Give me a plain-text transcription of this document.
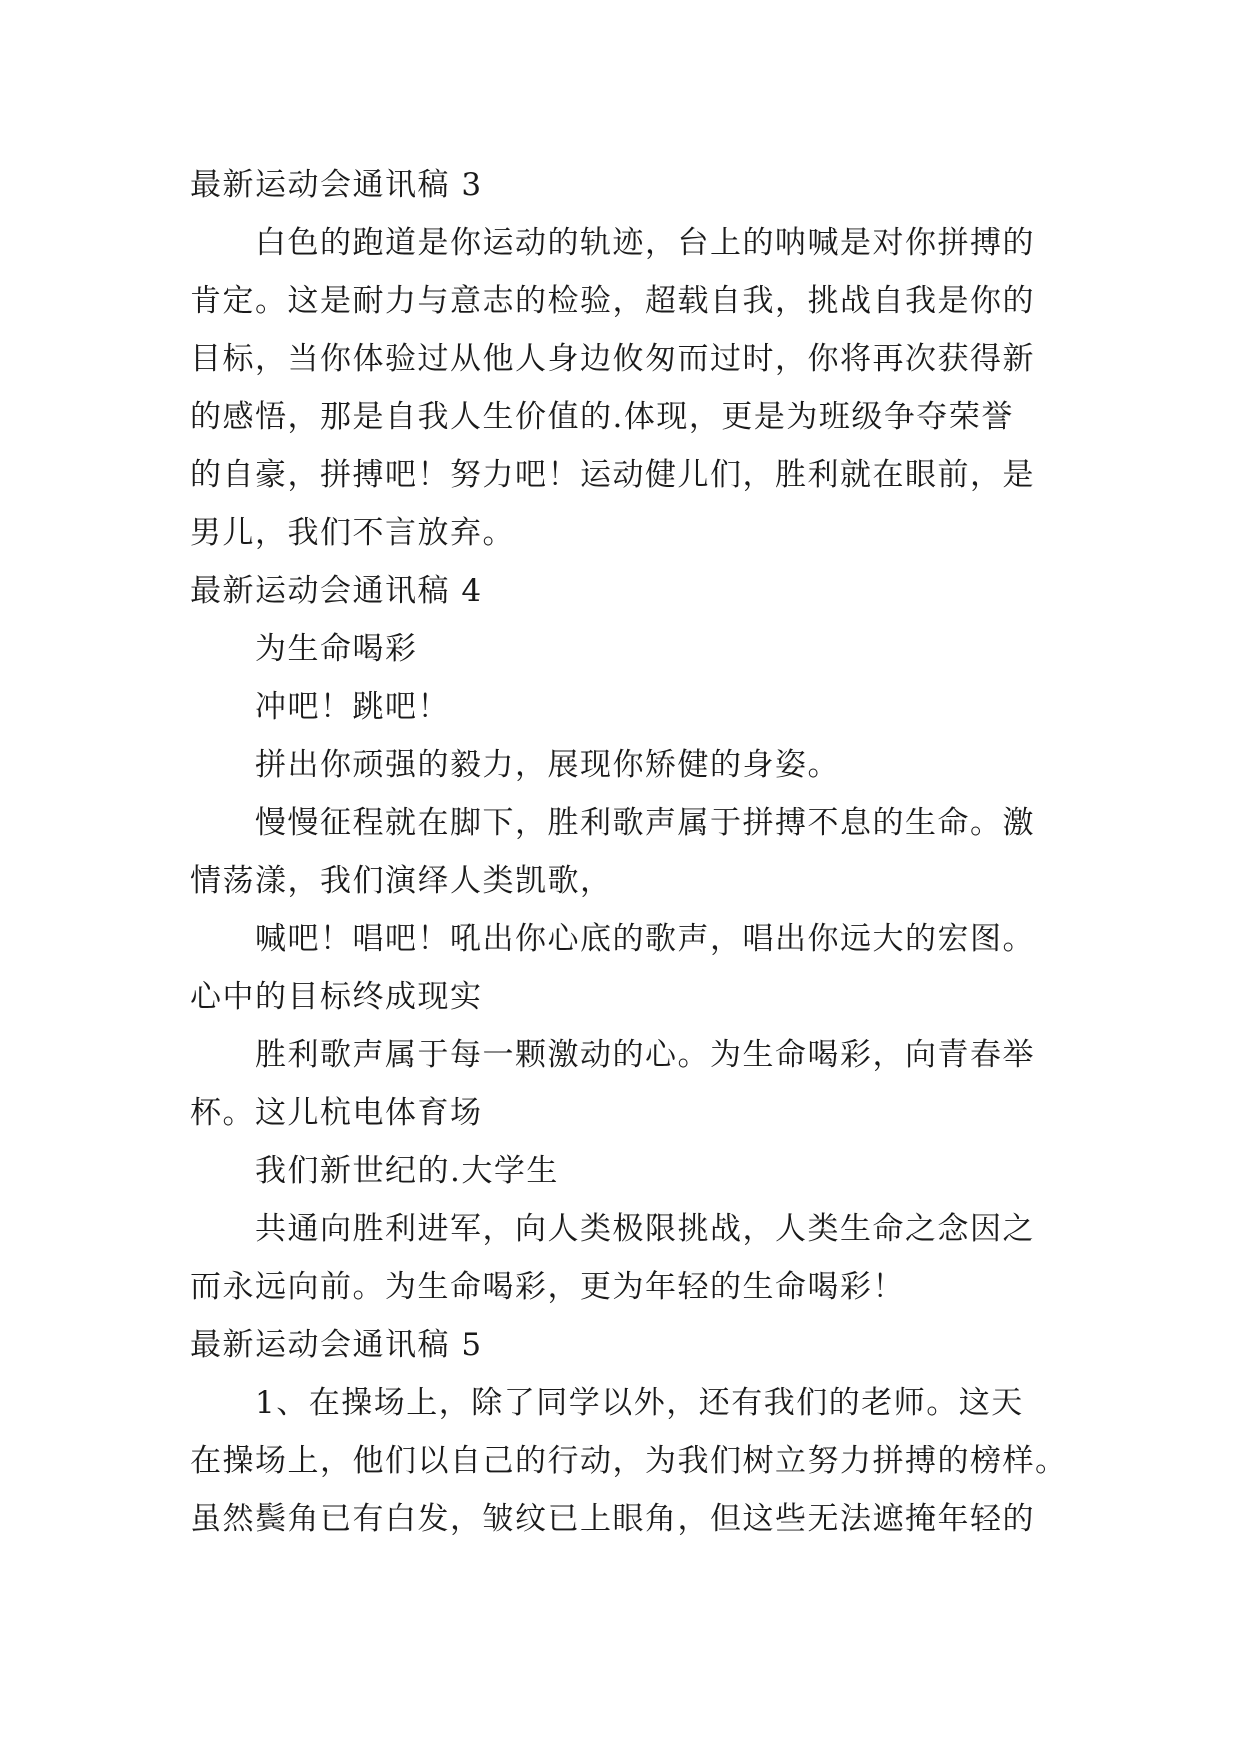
最新运动会通讯稿 3
白色的跑道是你运动的轨迹，台上的呐喊是对你拼搏的
肯定。这是耐力与意志的检验，超载自我，挑战自我是你的
目标，当你体验过从他人身边攸匆而过时，你将再次获得新
的感悟，那是自我人生价值的.体现，更是为班级争夺荣誉
的自豪，拼搏吧！努力吧！运动健儿们，胜利就在眼前，是
男儿，我们不言放弃。
最新运动会通讯稿 4
为生命喝彩
冲吧！跳吧！
拼出你顽强的毅力，展现你矫健的身姿。
慢慢征程就在脚下，胜利歌声属于拼搏不息的生命。激
情荡漾，我们演绎人类凯歌，
喊吧！唱吧！吼出你心底的歌声，唱出你远大的宏图。
心中的目标终成现实
胜利歌声属于每一颗激动的心。为生命喝彩，向青春举
杯。这儿杭电体育场
我们新世纪的.大学生
共通向胜利进军，向人类极限挑战，人类生命之念因之
而永远向前。为生命喝彩，更为年轻的生命喝彩！
最新运动会通讯稿 5
1、在操场上，除了同学以外，还有我们的老师。这天
在操场上，他们以自己的行动，为我们树立努力拼搏的榜样。
虽然鬓角已有白发，皱纹已上眼角，但这些无法遮掩年轻的
